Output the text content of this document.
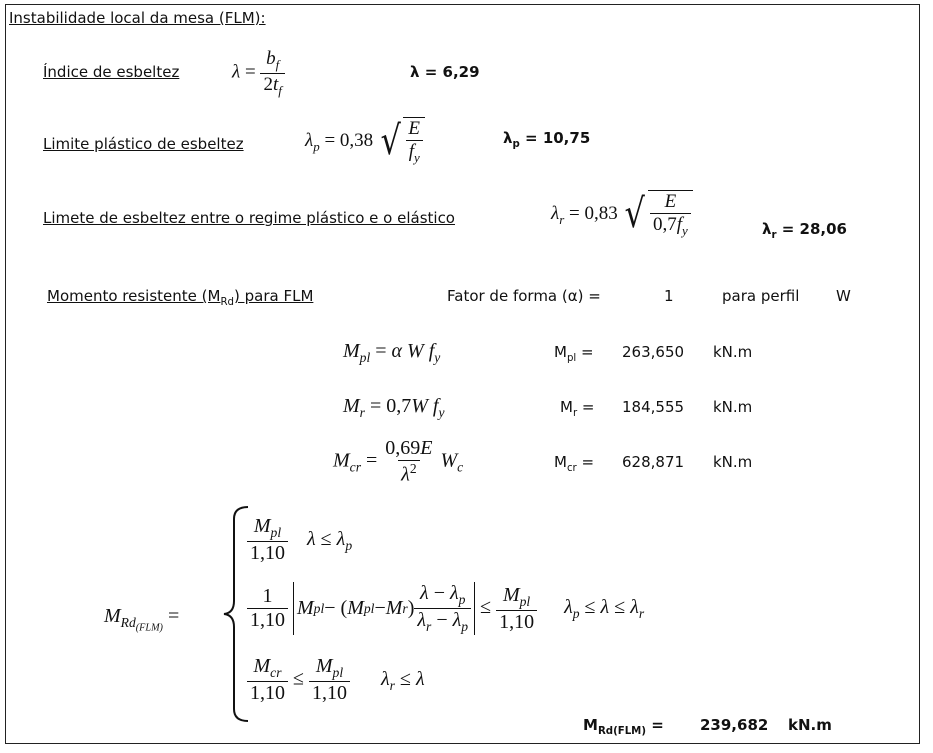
Instabilidade local da mesa (FLM):
Índice de esbeltez	$\lambda = \frac{b_f}{2t_f}$	λ = 6,29
Limite plástico de esbeltez	$\lambda_p = 0,38$ √ $\frac{E}{f_y}$	$\lambda_p = 10,75$
Limete de esbeltez entre o regime plástico e o elástico	$\lambda_r = 0,83$ √ $\frac{E}{0,7f_y}$	$\lambda_r = 28,06$
Momento resistente $(M_{Rd})$ para FLM	Fator de forma (α) =	1	para perfil W
$M_{pl} = \alpha$ W $f_y$	$M_{pl} = 263,650$ kN.m
$M_r = 0,7W$ $f_y$	$M_r = 184,555$ kN.m
$M_{cr} = \frac{0,69E}{\lambda^2} W_c$	$M_{cr} = 628,871$ kN.m
$M_{Rd_{(FLM)}}$ =
$\frac{M_{pl}}{1,10}$ $\lambda \le \lambda_p$
$\frac{1}{1,10}$ M pl − ( M pl − M r ) $\frac{\lambda - \lambda_p}{\lambda_r - \lambda_p} \le \frac{M_{pl}}{1,10} \lambda_p \le \lambda \le \lambda_r$
$\frac{M_{cr}}{1,10} \le \frac{M_{pl}}{1,10} \lambda_r \le \lambda$
$M_{Rd(FLM)} = 239,682$ kN.m
